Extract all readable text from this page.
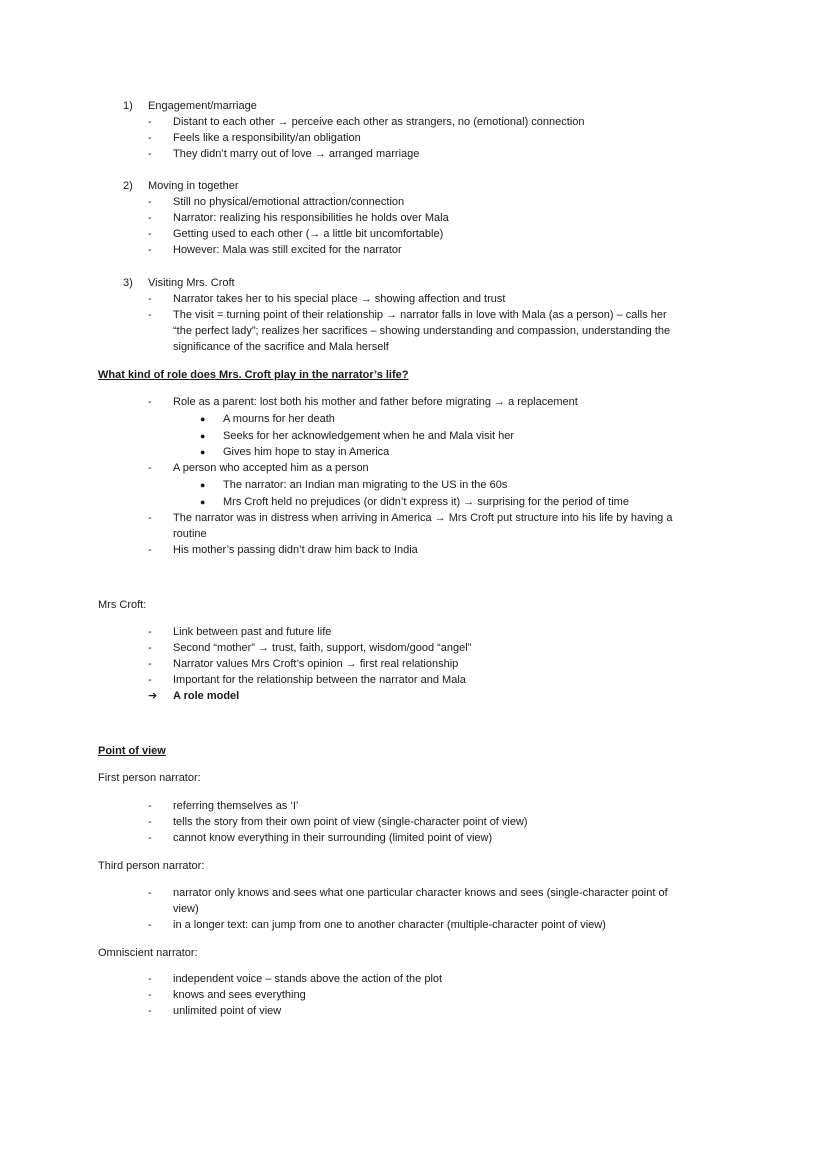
1) Engagement/marriage
- Distant to each other → perceive each other as strangers, no (emotional) connection
- Feels like a responsibility/an obligation
- They didn’t marry out of love → arranged marriage
2) Moving in together
- Still no physical/emotional attraction/connection
- Narrator: realizing his responsibilities he holds over Mala
- Getting used to each other (→ a little bit uncomfortable)
- However: Mala was still excited for the narrator
3) Visiting Mrs. Croft
- Narrator takes her to his special place → showing affection and trust
- The visit = turning point of their relationship → narrator falls in love with Mala (as a person) – calls her
“the perfect lady”; realizes her sacrifices – showing understanding and compassion, understanding the
significance of the sacrifice and Mala herself
What kind of role does Mrs. Croft play in the narrator’s life?
- Role as a parent: lost both his mother and father before migrating → a replacement
● A mourns for her death
● Seeks for her acknowledgement when he and Mala visit her
● Gives him hope to stay in America
- A person who accepted him as a person
● The narrator: an Indian man migrating to the US in the 60s
● Mrs Croft held no prejudices (or didn’t express it) → surprising for the period of time
- The narrator was in distress when arriving in America → Mrs Croft put structure into his life by having a
routine
- His mother’s passing didn’t draw him back to India
Mrs Croft:
- Link between past and future life
- Second “mother” → trust, faith, support, wisdom/good “angel”
- Narrator values Mrs Croft’s opinion → first real relationship
- Important for the relationship between the narrator and Mala
➔ A role model
Point of view
First person narrator:
- referring themselves as ‘I’
- tells the story from their own point of view (single-character point of view)
- cannot know everything in their surrounding (limited point of view)
Third person narrator:
- narrator only knows and sees what one particular character knows and sees (single-character point of
view)
- in a longer text: can jump from one to another character (multiple-character point of view)
Omniscient narrator:
- independent voice – stands above the action of the plot
- knows and sees everything
- unlimited point of view
